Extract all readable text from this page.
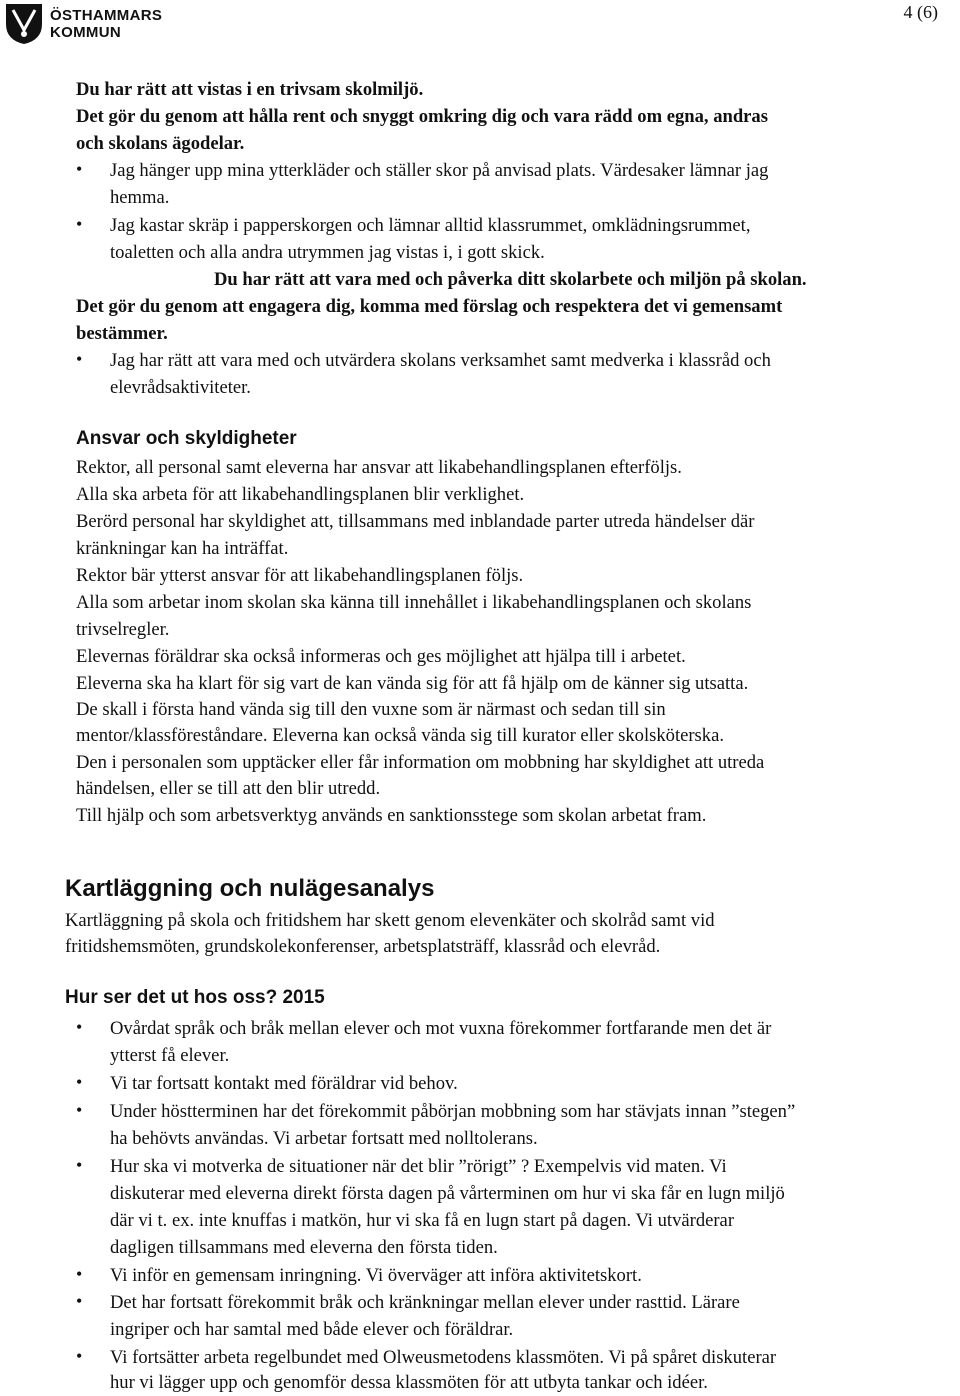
ÖSTHAMMARS
KOMMUN
4 (6)
Du har rätt att vistas i en trivsam skolmiljö.
Det gör du genom att hålla rent och snyggt omkring dig och vara rädd om egna, andras
och skolans ägodelar.
• Jag hänger upp mina ytterkläder och ställer skor på anvisad plats. Värdesaker lämnar jag
hemma.
• Jag kastar skräp i papperskorgen och lämnar alltid klassrummet, omklädningsrummet,
toaletten och alla andra utrymmen jag vistas i, i gott skick.
Du har rätt att vara med och påverka ditt skolarbete och miljön på skolan.
Det gör du genom att engagera dig, komma med förslag och respektera det vi gemensamt
bestämmer.
• Jag har rätt att vara med och utvärdera skolans verksamhet samt medverka i klassråd och
elevrådsaktiviteter.
Ansvar och skyldigheter
Rektor, all personal samt eleverna har ansvar att likabehandlingsplanen efterföljs.
Alla ska arbeta för att likabehandlingsplanen blir verklighet.
Berörd personal har skyldighet att, tillsammans med inblandade parter utreda händelser där
kränkningar kan ha inträffat.
Rektor bär ytterst ansvar för att likabehandlingsplanen följs.
Alla som arbetar inom skolan ska känna till innehållet i likabehandlingsplanen och skolans
trivselregler.
Elevernas föräldrar ska också informeras och ges möjlighet att hjälpa till i arbetet.
Eleverna ska ha klart för sig vart de kan vända sig för att få hjälp om de känner sig utsatta.
De skall i första hand vända sig till den vuxne som är närmast och sedan till sin
mentor/klassföreståndare. Eleverna kan också vända sig till kurator eller skolsköterska.
Den i personalen som upptäcker eller får information om mobbning har skyldighet att utreda
händelsen, eller se till att den blir utredd.
Till hjälp och som arbetsverktyg används en sanktionsstege som skolan arbetat fram.
Kartläggning och nulägesanalys
Kartläggning på skola och fritidshem har skett genom elevenkäter och skolråd samt vid
fritidshemsmöten, grundskolekonferenser, arbetsplatsträff, klassråd och elevråd.
Hur ser det ut hos oss? 2015
• Ovårdat språk och bråk mellan elever och mot vuxna förekommer fortfarande men det är
ytterst få elever.
• Vi tar fortsatt kontakt med föräldrar vid behov.
• Under höstterminen har det förekommit påbörjan mobbning som har stävjats innan ”stegen”
ha behövts användas. Vi arbetar fortsatt med nolltolerans.
• Hur ska vi motverka de situationer när det blir ”rörigt” ? Exempelvis vid maten. Vi
diskuterar med eleverna direkt första dagen på vårterminen om hur vi ska får en lugn miljö
där vi t. ex. inte knuffas i matkön, hur vi ska få en lugn start på dagen. Vi utvärderar
dagligen tillsammans med eleverna den första tiden.
• Vi inför en gemensam inringning. Vi överväger att införa aktivitetskort.
• Det har fortsatt förekommit bråk och kränkningar mellan elever under rasttid. Lärare
ingriper och har samtal med både elever och föräldrar.
• Vi fortsätter arbeta regelbundet med Olweusmetodens klassmöten. Vi på spåret diskuterar
hur vi lägger upp och genomför dessa klassmöten för att utbyta tankar och idéer.
